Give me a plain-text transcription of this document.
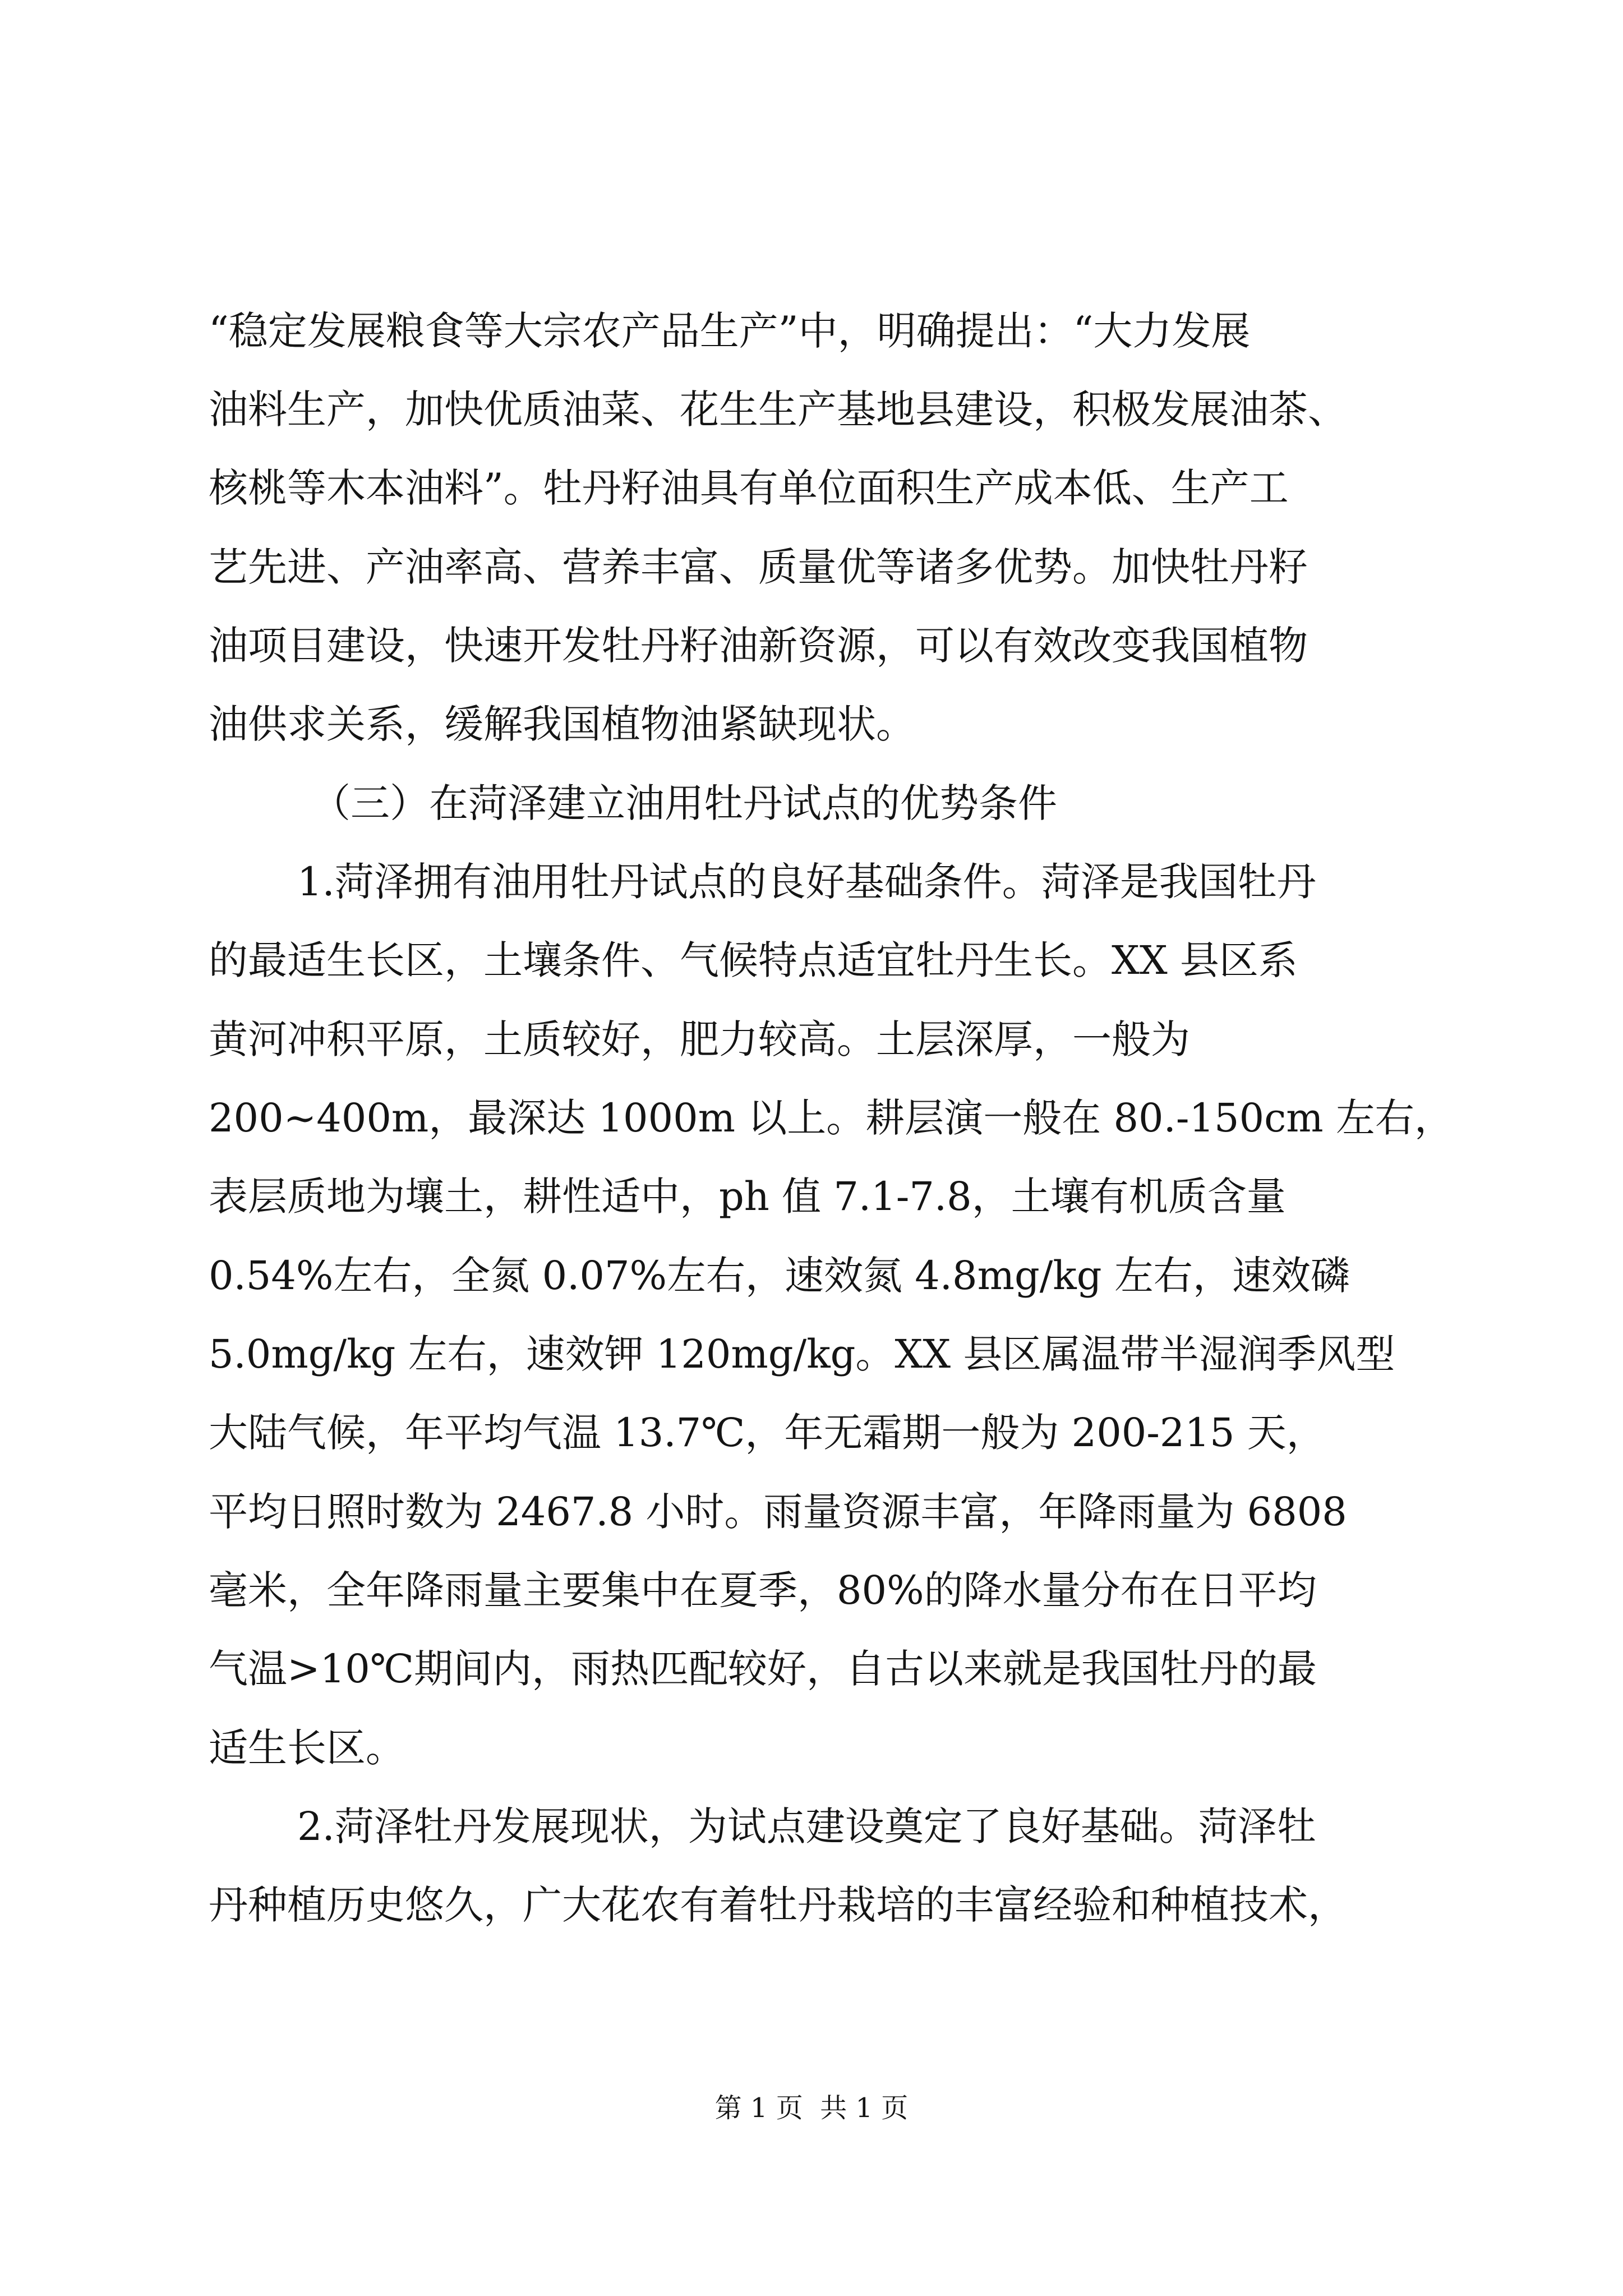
“稳定发展粮食等大宗农产品生产”中，明确提出：“大力发展
油料生产，加快优质油菜、花生生产基地县建设，积极发展油茶、
核桃等木本油料”。牡丹籽油具有单位面积生产成本低、生产工
艺先进、产油率高、营养丰富、质量优等诸多优势。加快牡丹籽
油项目建设，快速开发牡丹籽油新资源，可以有效改变我国植物
油供求关系，缓解我国植物油紧缺现状。
（三）在菏泽建立油用牡丹试点的优势条件
1.菏泽拥有油用牡丹试点的良好基础条件。菏泽是我国牡丹
的最适生长区，土壤条件、气候特点适宜牡丹生长。XX 县区系
黄河冲积平原，土质较好，肥力较高。土层深厚，一般为
200~400m，最深达 1000m 以上。耕层演一般在 80.-150cm 左右，
表层质地为壤土，耕性适中，ph 值 7.1-7.8，土壤有机质含量
0.54%左右，全氮 0.07%左右，速效氮 4.8mg/kg 左右，速效磷
5.0mg/kg 左右，速效钾 120mg/kg。XX 县区属温带半湿润季风型
大陆气候，年平均气温 13.7℃，年无霜期一般为 200-215 天，
平均日照时数为 2467.8 小时。雨量资源丰富，年降雨量为 6808
毫米，全年降雨量主要集中在夏季，80%的降水量分布在日平均
气温>10℃期间内，雨热匹配较好，自古以来就是我国牡丹的最
适生长区。
2.菏泽牡丹发展现状，为试点建设奠定了良好基础。菏泽牡
丹种植历史悠久，广大花农有着牡丹栽培的丰富经验和种植技术，
第 1 页  共 1 页
